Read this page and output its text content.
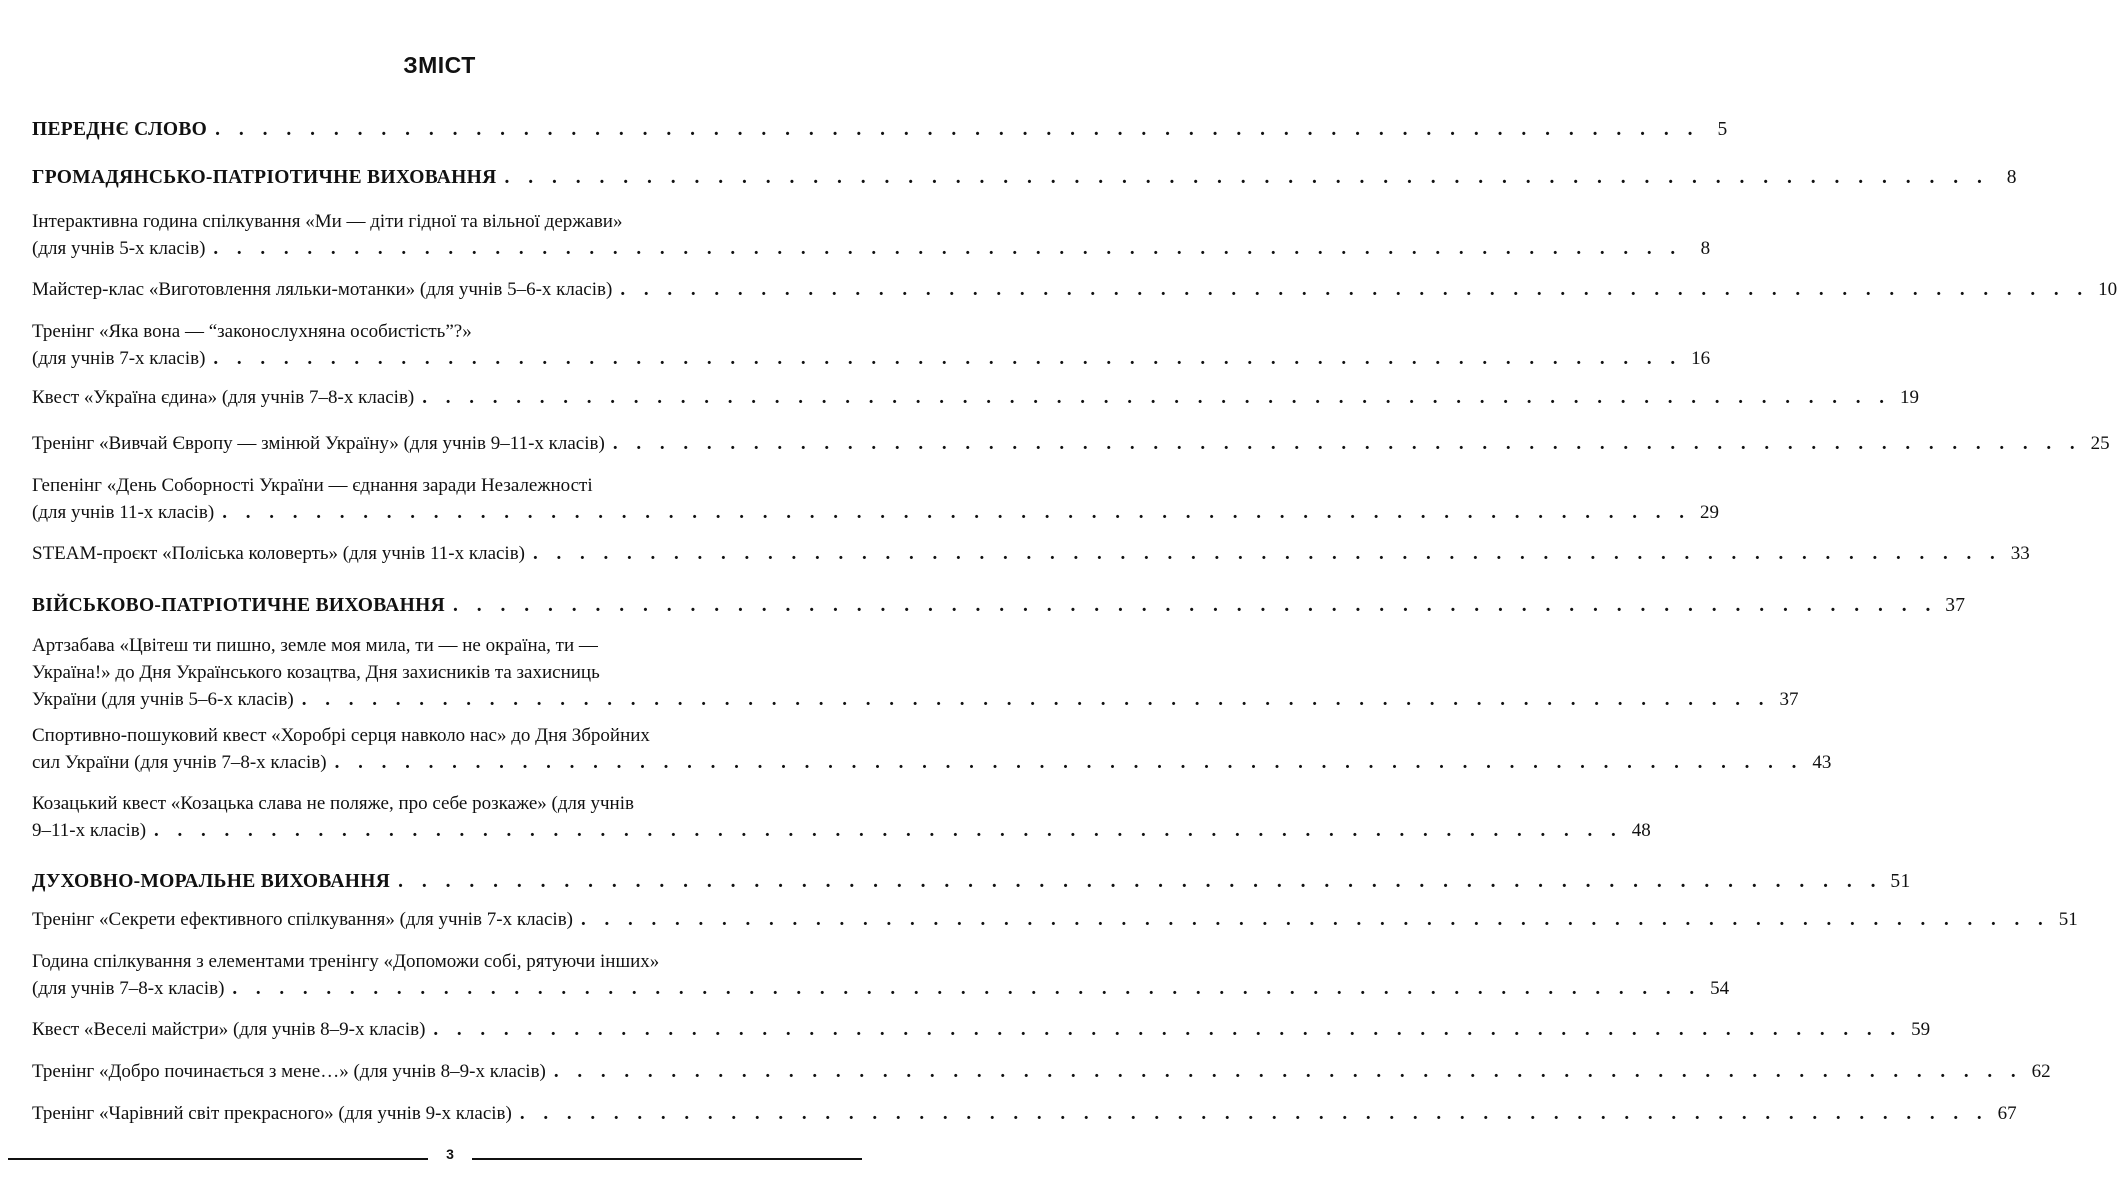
ЗМІСТ
ПЕРЕДНЄ СЛОВО . . . . . . . . . . . . . . . . . . . . . . . . . . . . . . . . . . . . . . . . . . . . . . . . . . . . . . . . . . . . . . . 5
ГРОМАДЯНСЬКО-ПАТРІОТИЧНЕ ВИХОВАННЯ . . . . . . . . . . . . . . . . . . . . . . . . . . . . . . . . . . . . . . . . . . . . . . . . . . . . . . . . . . . . . . . 8
Інтерактивна година спілкування «Ми — діти гідної та вільної держави»
(для учнів 5-х класів) . . . . . . . . . . . . . . . . . . . . . . . . . . . . . . . . . . . . . . . . . . . . . . . . . . . . . . . . . . . . . . . 8
Майстер-клас «Виготовлення ляльки-мотанки» (для учнів 5–6-х класів) . . . . . . . . . . . . . . . . . . . . . . . . . . . . . . . . . . . . . . . . . . . . . . . . . . . . . . . . . . . . . . . 10
Тренінг «Яка вона — “законослухняна особистість”?»
(для учнів 7-х класів) . . . . . . . . . . . . . . . . . . . . . . . . . . . . . . . . . . . . . . . . . . . . . . . . . . . . . . . . . . . . . . . 16
Квест «Україна єдина» (для учнів 7–8-х класів) . . . . . . . . . . . . . . . . . . . . . . . . . . . . . . . . . . . . . . . . . . . . . . . . . . . . . . . . . . . . . . . 19
Тренінг «Вивчай Європу — змінюй Україну» (для учнів 9–11-х класів) . . . . . . . . . . . . . . . . . . . . . . . . . . . . . . . . . . . . . . . . . . . . . . . . . . . . . . . . . . . . . . . 25
Гепенінг «День Соборності України — єднання заради Незалежності
(для учнів 11-х класів) . . . . . . . . . . . . . . . . . . . . . . . . . . . . . . . . . . . . . . . . . . . . . . . . . . . . . . . . . . . . . . . 29
STEAM-проєкт «Поліська коловерть» (для учнів 11-х класів) . . . . . . . . . . . . . . . . . . . . . . . . . . . . . . . . . . . . . . . . . . . . . . . . . . . . . . . . . . . . . . . 33
ВІЙСЬКОВО-ПАТРІОТИЧНЕ ВИХОВАННЯ . . . . . . . . . . . . . . . . . . . . . . . . . . . . . . . . . . . . . . . . . . . . . . . . . . . . . . . . . . . . . . . 37
Артзабава «Цвітеш ти пишно, земле моя мила, ти — не окраїна, ти —
Україна!» до Дня Українського козацтва, Дня захисників та захисниць
України (для учнів 5–6-х класів) . . . . . . . . . . . . . . . . . . . . . . . . . . . . . . . . . . . . . . . . . . . . . . . . . . . . . . . . . . . . . . . 37
Спортивно-пошуковий квест «Хоробрі серця навколо нас» до Дня Збройних
сил України (для учнів 7–8-х класів) . . . . . . . . . . . . . . . . . . . . . . . . . . . . . . . . . . . . . . . . . . . . . . . . . . . . . . . . . . . . . . . 43
Козацький квест «Козацька слава не поляже, про себе розкаже» (для учнів
9–11-х класів) . . . . . . . . . . . . . . . . . . . . . . . . . . . . . . . . . . . . . . . . . . . . . . . . . . . . . . . . . . . . . . . 48
ДУХОВНО-МОРАЛЬНЕ ВИХОВАННЯ . . . . . . . . . . . . . . . . . . . . . . . . . . . . . . . . . . . . . . . . . . . . . . . . . . . . . . . . . . . . . . . 51
Тренінг «Секрети ефективного спілкування» (для учнів 7-х класів) . . . . . . . . . . . . . . . . . . . . . . . . . . . . . . . . . . . . . . . . . . . . . . . . . . . . . . . . . . . . . . . 51
Година спілкування з елементами тренінгу «Допоможи собі, рятуючи інших»
(для учнів 7–8-х класів) . . . . . . . . . . . . . . . . . . . . . . . . . . . . . . . . . . . . . . . . . . . . . . . . . . . . . . . . . . . . . . . 54
Квест «Веселі майстри» (для учнів 8–9-х класів) . . . . . . . . . . . . . . . . . . . . . . . . . . . . . . . . . . . . . . . . . . . . . . . . . . . . . . . . . . . . . . . 59
Тренінг «Добро починається з мене…» (для учнів 8–9-х класів) . . . . . . . . . . . . . . . . . . . . . . . . . . . . . . . . . . . . . . . . . . . . . . . . . . . . . . . . . . . . . . . 62
Тренінг «Чарівний світ прекрасного» (для учнів 9-х класів) . . . . . . . . . . . . . . . . . . . . . . . . . . . . . . . . . . . . . . . . . . . . . . . . . . . . . . . . . . . . . . . 67
3
